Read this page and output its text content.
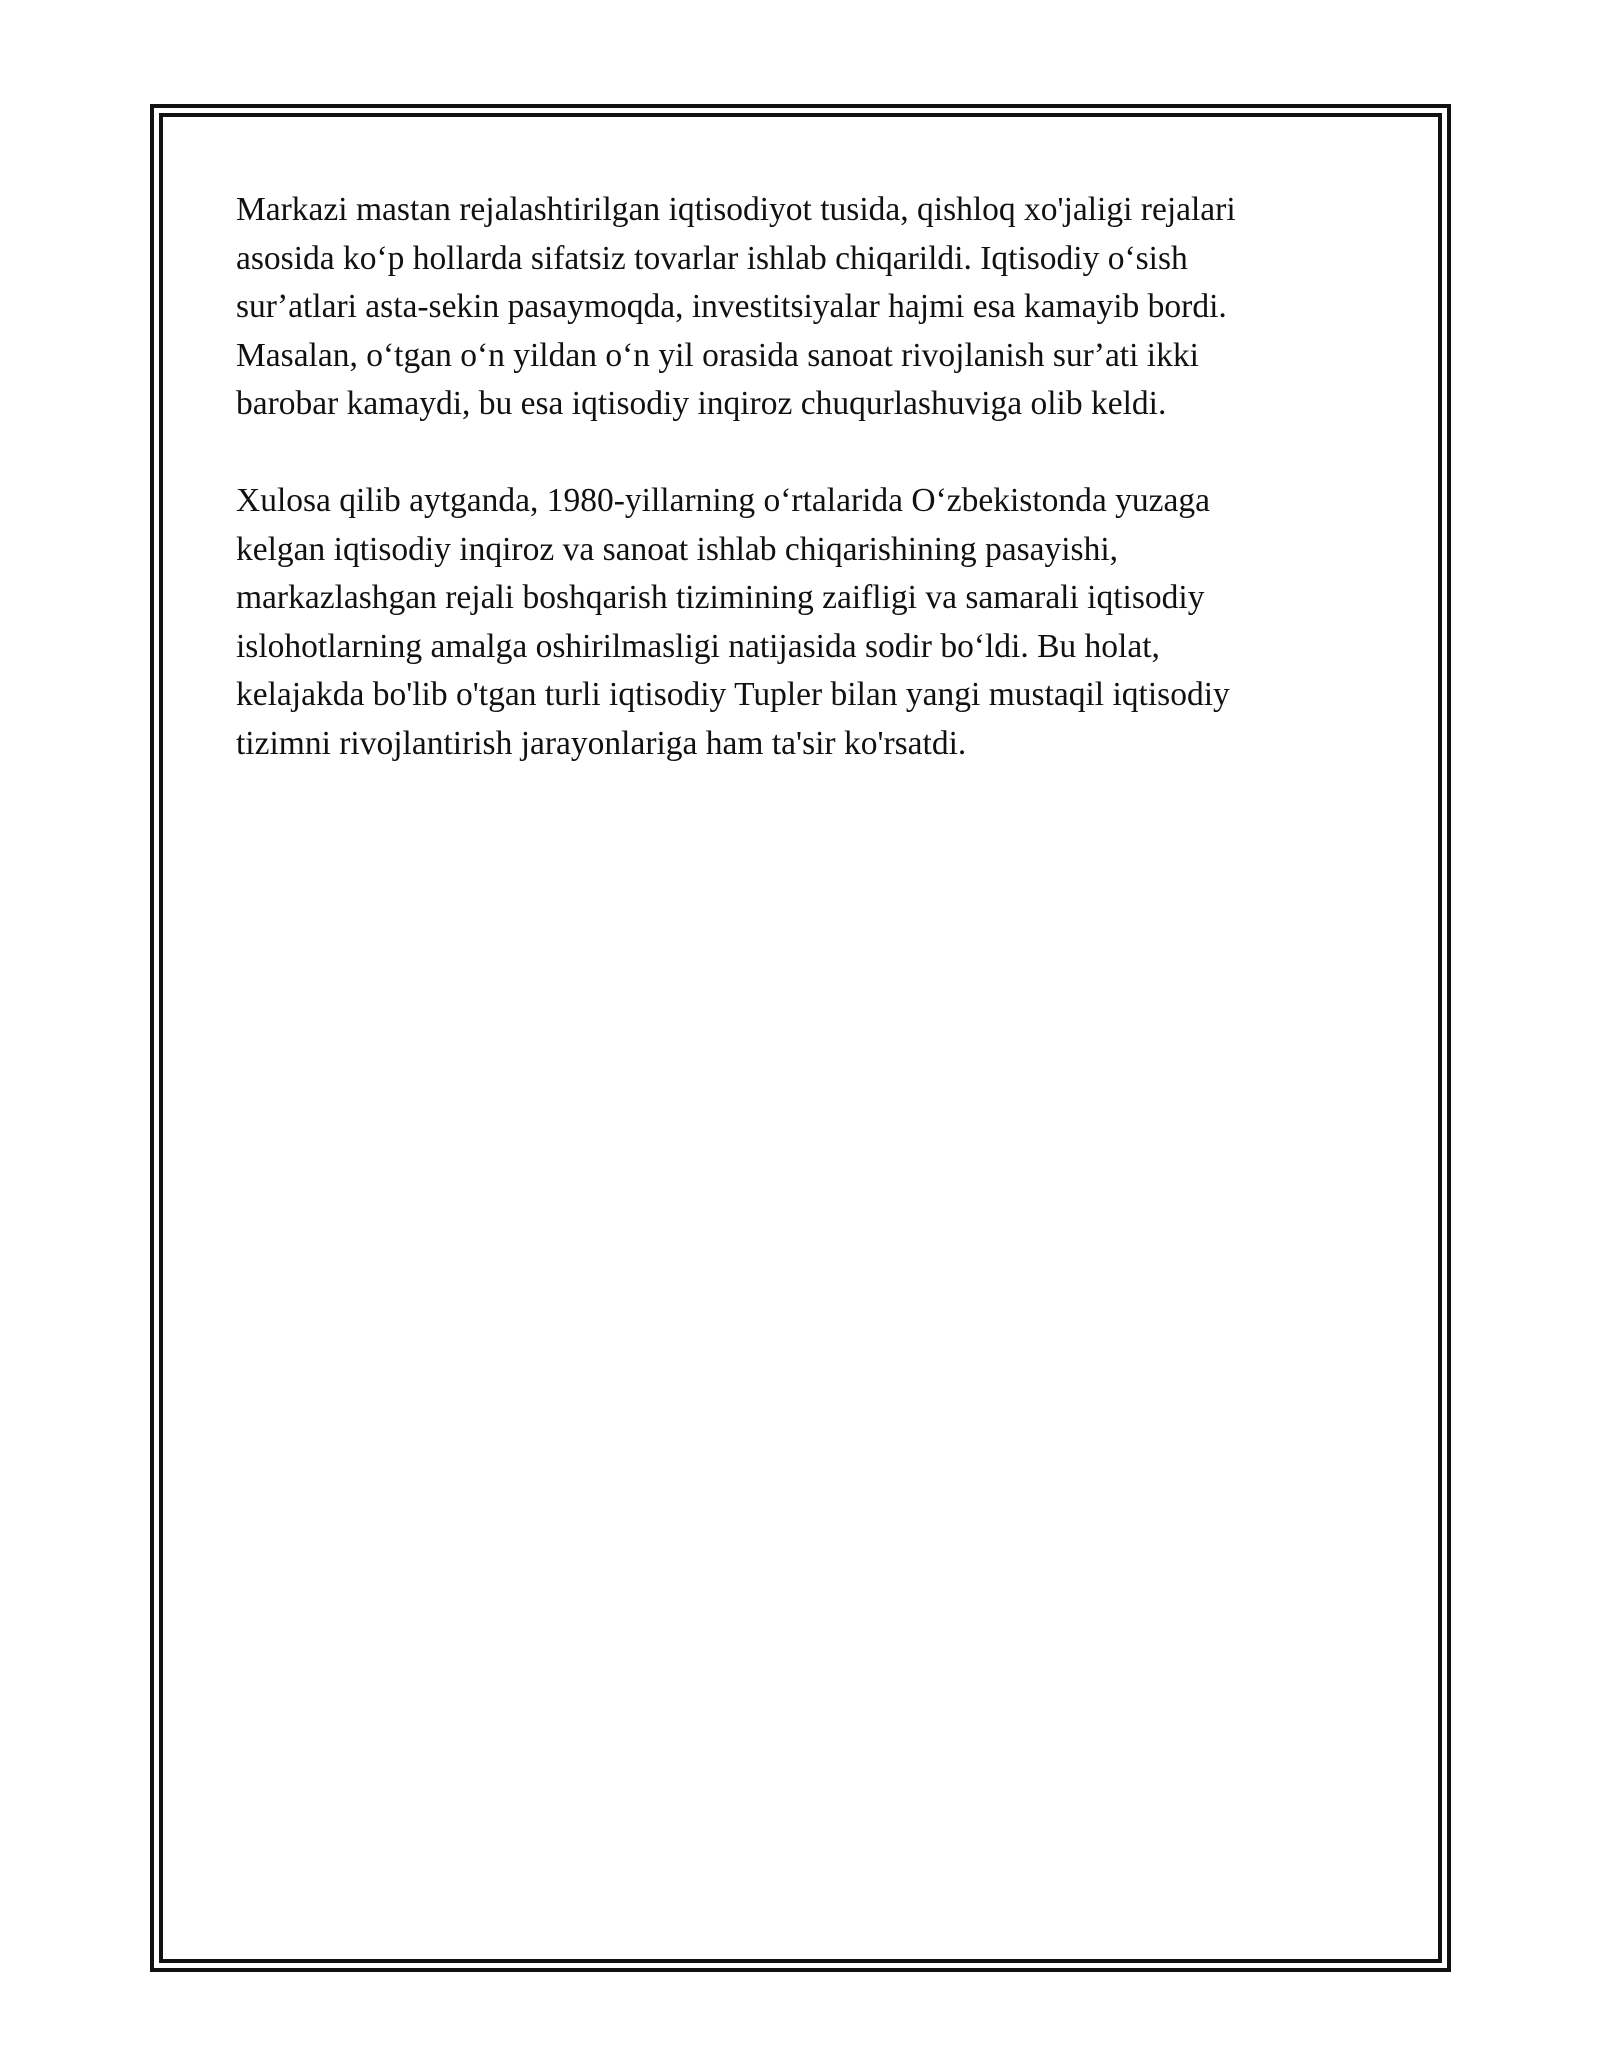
Markazi mastan rejalashtirilgan iqtisodiyot tusida, qishloq xo'jaligi rejalari
asosida koʻp hollarda sifatsiz tovarlar ishlab chiqarildi. Iqtisodiy oʻsish
surʼatlari asta-sekin pasaymoqda, investitsiyalar hajmi esa kamayib bordi.
Masalan, oʻtgan oʻn yildan oʻn yil orasida sanoat rivojlanish surʼati ikki
barobar kamaydi, bu esa iqtisodiy inqiroz chuqurlashuviga olib keldi.

Xulosa qilib aytganda, 1980-yillarning oʻrtalarida Oʻzbekistonda yuzaga
kelgan iqtisodiy inqiroz va sanoat ishlab chiqarishining pasayishi,
markazlashgan rejali boshqarish tizimining zaifligi va samarali iqtisodiy
islohotlarning amalga oshirilmasligi natijasida sodir boʻldi. Bu holat,
kelajakda bo'lib o'tgan turli iqtisodiy Tupler bilan yangi mustaqil iqtisodiy
tizimni rivojlantirish jarayonlariga ham ta'sir ko'rsatdi.
